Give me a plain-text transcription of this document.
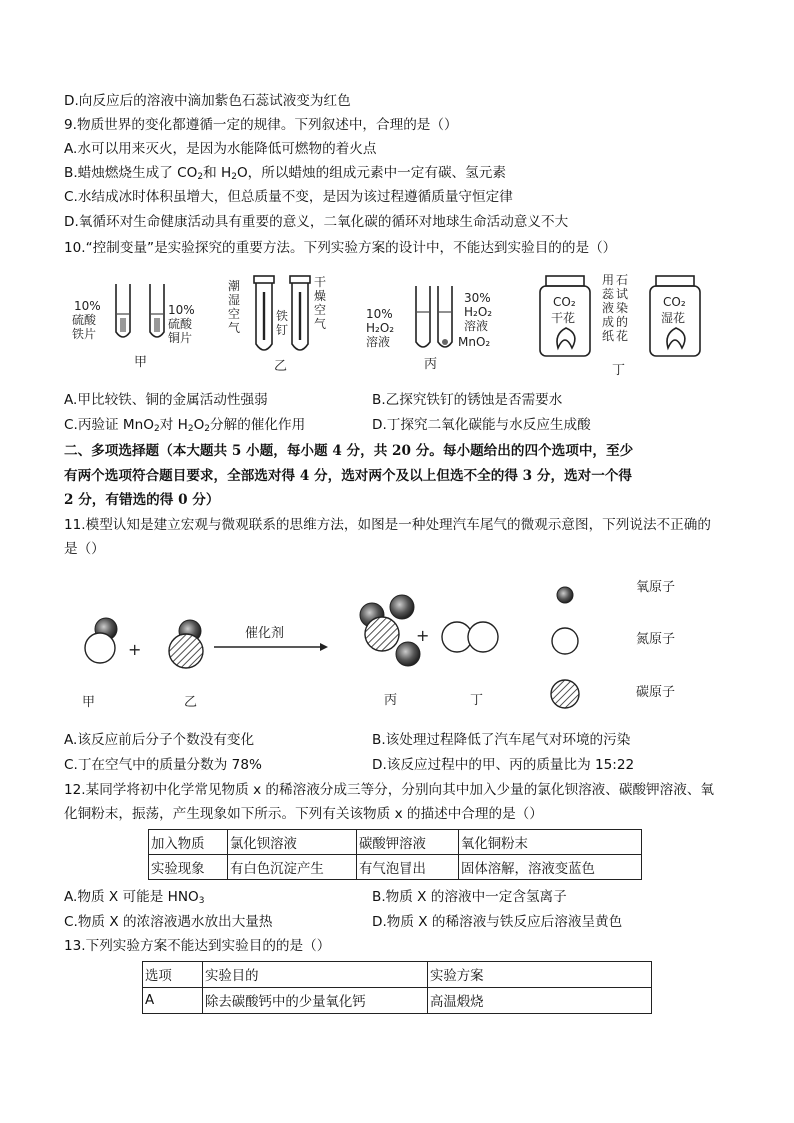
D.向反应后的溶液中滴加紫色石蕊试液变为红色
9.物质世界的变化都遵循一定的规律。下列叙述中，合理的是（）
A.水可以用来灭火，是因为水能降低可燃物的着火点
B.蜡烛燃烧生成了 $CO_2$和 $H_2O$，所以蜡烛的组成元素中一定有碳、氢元素
C.水结成冰时体积虽增大，但总质量不变，是因为该过程遵循质量守恒定律
D.氧循环对生命健康活动具有重要的意义，二氧化碳的循环对地球生命活动意义不大
10.“控制变量”是实验探究的重要方法。下列实验方案的设计中，不能达到实验目的的是（）
10%
硫酸
铁片
10%
硫酸
铜片
甲
潮
湿
空
气
铁
钉
干
燥
空
气
乙
10%
H₂O₂
溶液
30%
H₂O₂
溶液
MnO₂
丙
CO₂
干花
用 石
蕊 试
液 染
成 的
纸 花
CO₂
湿花
丁
A.甲比较铁、铜的金属活动性强弱	B.乙探究铁钉的锈蚀是否需要水
C.丙验证 MnO$_2$对 $H_2O_2$分解的催化作用	D.丁探究二氧化碳能与水反应生成酸
二、多项选择题（本大题共 5 小题，每小题 4 分，共 20 分。每小题给出的四个选项中，至少
有两个选项符合题目要求，全部选对得 4 分，选对两个及以上但选不全的得 3 分，选对一个得
2 分，有错选的得 0 分）
11.模型认知是建立宏观与微观联系的思维方法，如图是一种处理汽车尾气的微观示意图，下列说法不正确的
是（）
+
催化剂	+
甲	乙	丙	丁
氧原子
氮原子
碳原子
A.该反应前后分子个数没有变化	B.该处理过程降低了汽车尾气对环境的污染
C.丁在空气中的质量分数为 78%	D.该反应过程中的甲、丙的质量比为 15:22
12.某同学将初中化学常见物质 x 的稀溶液分成三等分，分别向其中加入少量的氯化钡溶液、碳酸钾溶液、氧
化铜粉末，振荡，产生现象如下所示。下列有关该物质 x 的描述中合理的是（）
加入物质	氯化钡溶液	碳酸钾溶液	氧化铜粉末
实验现象	有白色沉淀产生	有气泡冒出	固体溶解，溶液变蓝色
A.物质 X 可能是 $HNO_3$	B.物质 X 的溶液中一定含氢离子
C.物质 X 的浓溶液遇水放出大量热	D.物质 X 的稀溶液与铁反应后溶液呈黄色
13.下列实验方案不能达到实验目的的是（）
选项	实验目的	实验方案
A	除去碳酸钙中的少量氧化钙	高温煅烧
